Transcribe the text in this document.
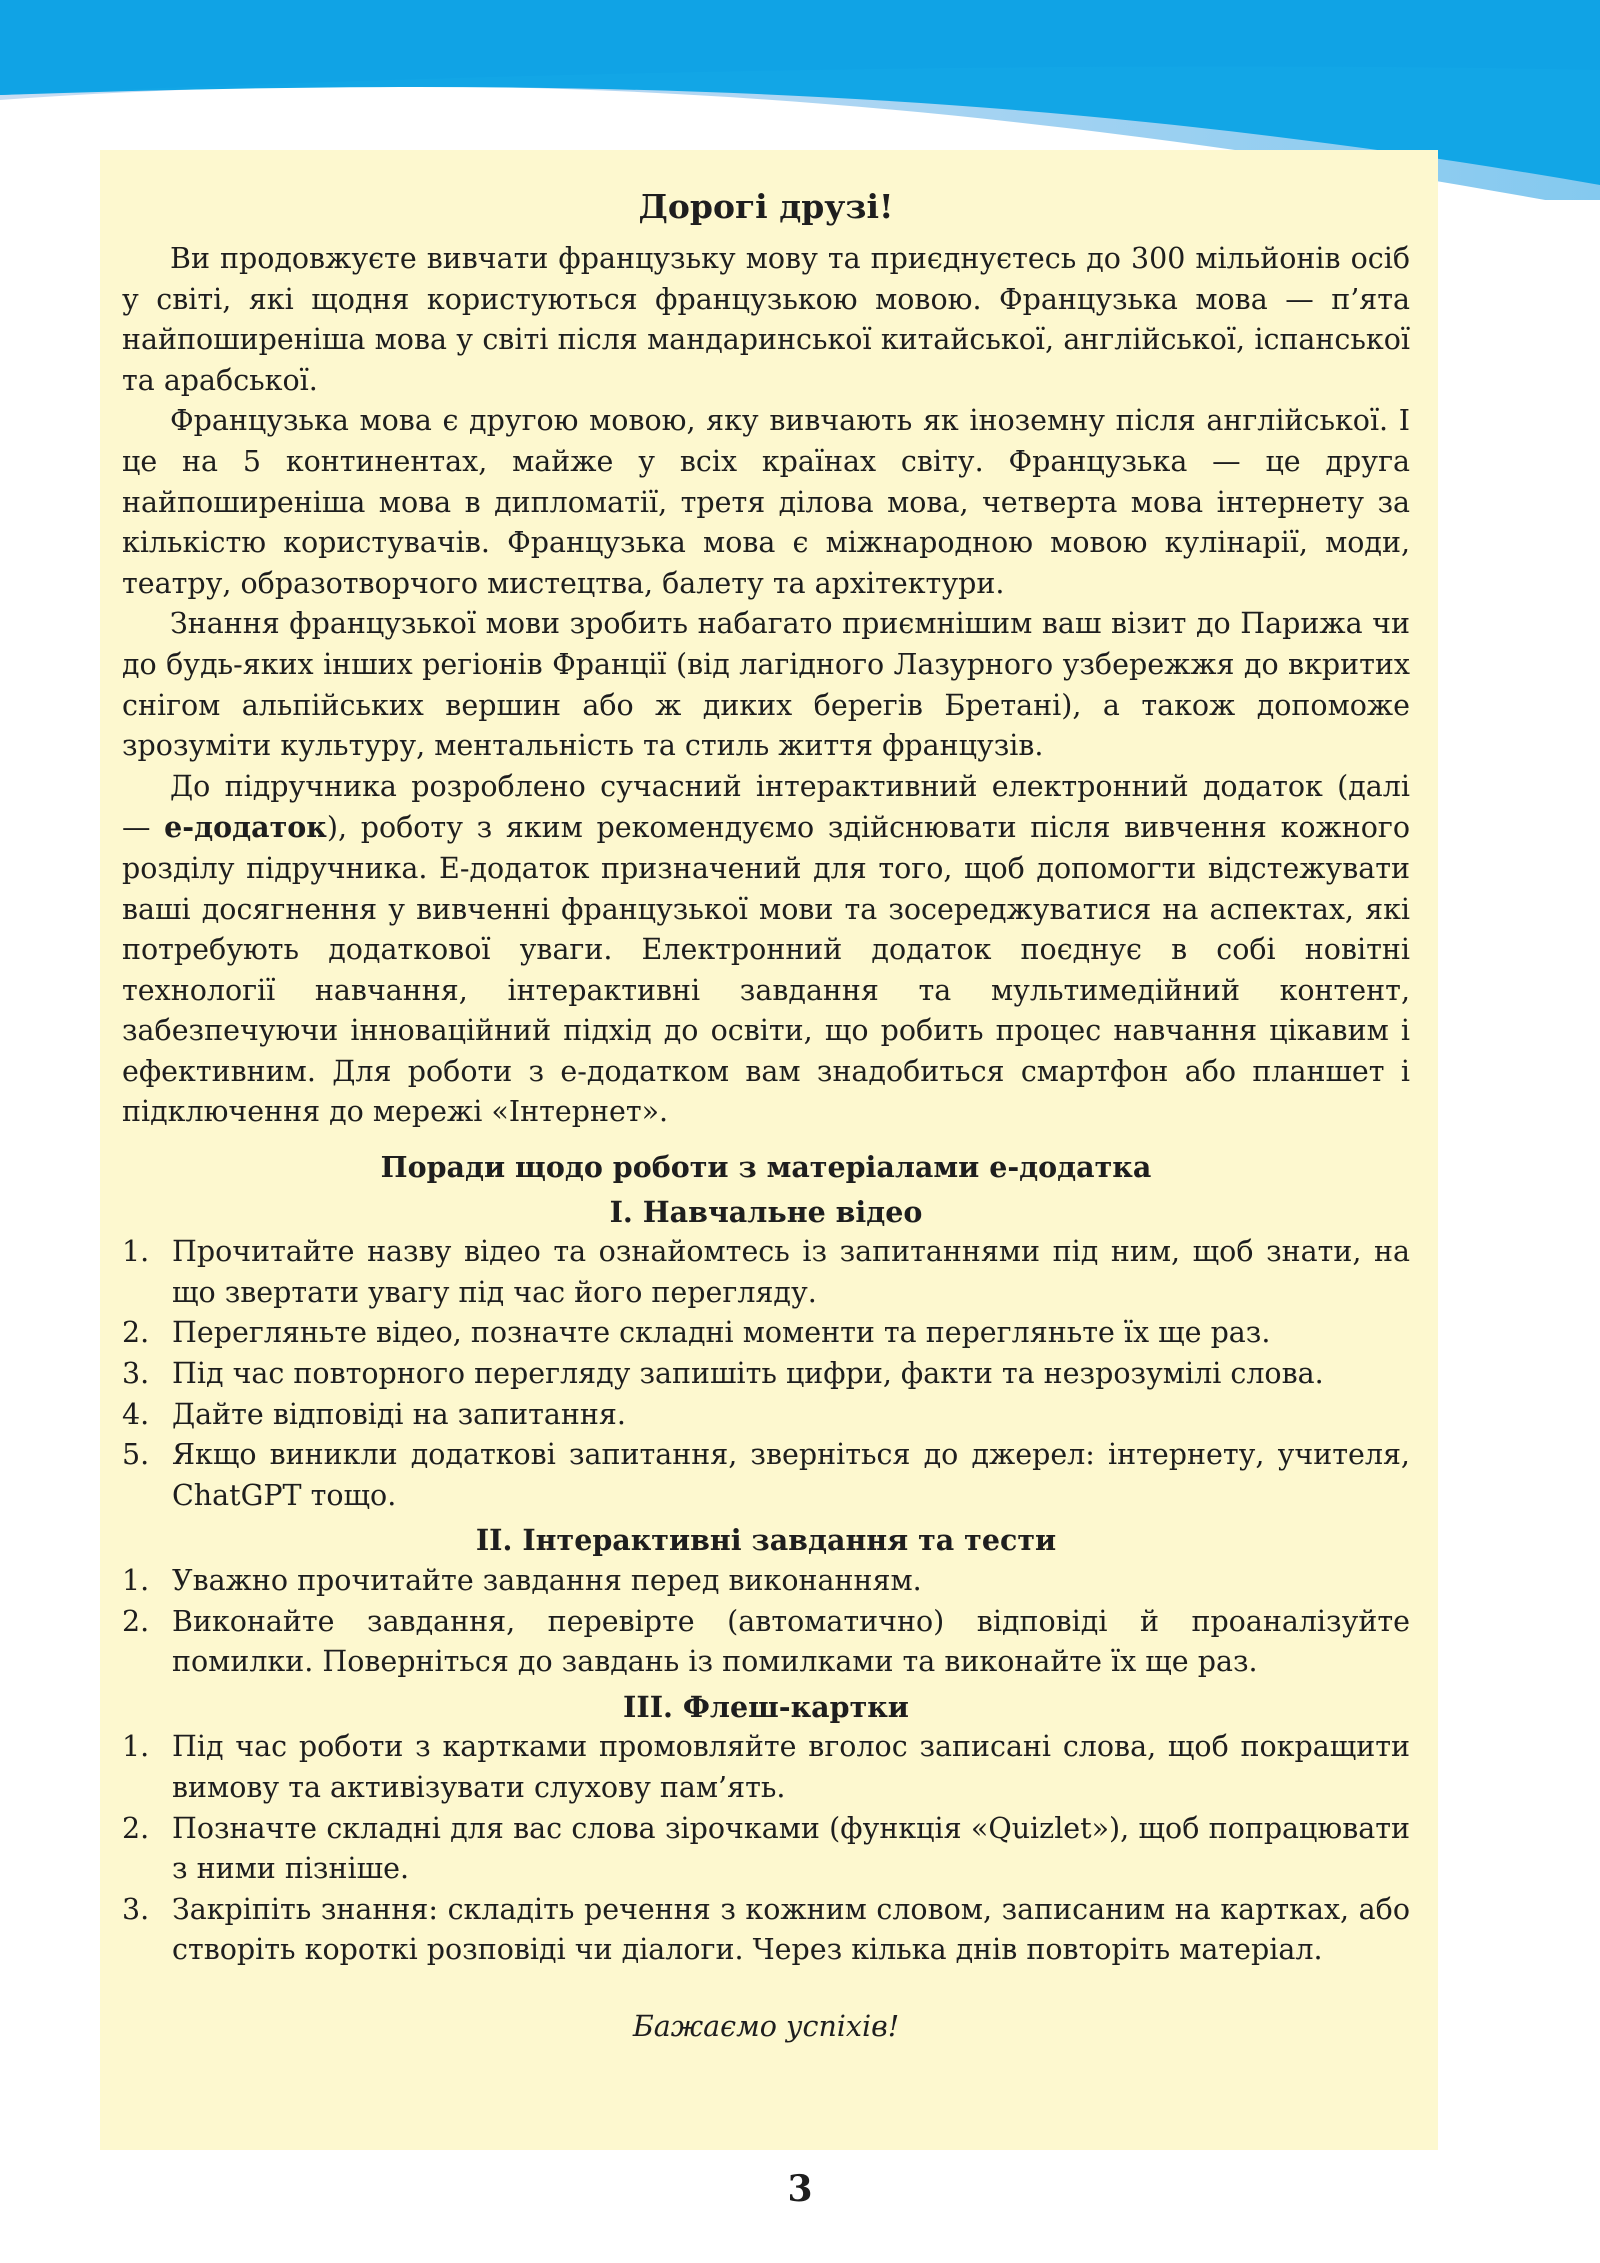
Дорогі друзі!

Ви продовжуєте вивчати французьку мову та приєднуєтесь до 300 мільйонів осіб у світі, які щодня користуються французькою мовою. Французька мова — п’ята найпоширеніша мова у світі після мандаринської китайської, англійської, іспанської та арабської.

Французька мова є другою мовою, яку вивчають як іноземну після англійської. І це на 5 континентах, майже у всіх країнах світу. Французька — це друга найпоширеніша мова в дипломатії, третя ділова мова, четверта мова інтернету за кількістю користувачів. Французька мова є міжнародною мовою кулінарії, моди, театру, образотворчого мистецтва, балету та архітектури.

Знання французької мови зробить набагато приємнішим ваш візит до Парижа чи до будь-яких інших регіонів Франції (від лагідного Лазурного узбережжя до вкритих снігом альпійських вершин або ж диких берегів Бретані), а також допоможе зрозуміти культуру, ментальність та стиль життя французів.

До підручника розроблено сучасний інтерактивний електронний додаток (далі — е-додаток), роботу з яким рекомендуємо здійснювати після вивчення кожного розділу підручника. Е-додаток призначений для того, щоб допомогти відстежувати ваші досягнення у вивченні французької мови та зосереджуватися на аспектах, які потребують додаткової уваги. Електронний додаток поєднує в собі новітні технології навчання, інтерактивні завдання та мультимедійний контент, забезпечуючи інноваційний підхід до освіти, що робить процес навчання цікавим і ефективним. Для роботи з е-додатком вам знадобиться смартфон або планшет і підключення до мережі «Інтернет».

Поради щодо роботи з матеріалами е-додатка
І. Навчальне відео
1. Прочитайте назву відео та ознайомтесь із запитаннями під ним, щоб знати, на що звертати увагу під час його перегляду.
2. Перегляньте відео, позначте складні моменти та перегляньте їх ще раз.
3. Під час повторного перегляду запишіть цифри, факти та незрозумілі слова.
4. Дайте відповіді на запитання.
5. Якщо виникли додаткові запитання, зверніться до джерел: інтернету, учителя, ChatGPT тощо.
ІІ. Інтерактивні завдання та тести
1. Уважно прочитайте завдання перед виконанням.
2. Виконайте завдання, перевірте (автоматично) відповіді й проаналізуйте помилки. Поверніться до завдань із помилками та виконайте їх ще раз.
ІІІ. Флеш-картки
1. Під час роботи з картками промовляйте вголос записані слова, щоб покращити вимову та активізувати слухову пам’ять.
2. Позначте складні для вас слова зірочками (функція «Quizlet»), щоб попрацювати з ними пізніше.
3. Закріпіть знання: складіть речення з кожним словом, записаним на картках, або створіть короткі розповіді чи діалоги. Через кілька днів повторіть матеріал.
Бажаємо успіхів!
3
